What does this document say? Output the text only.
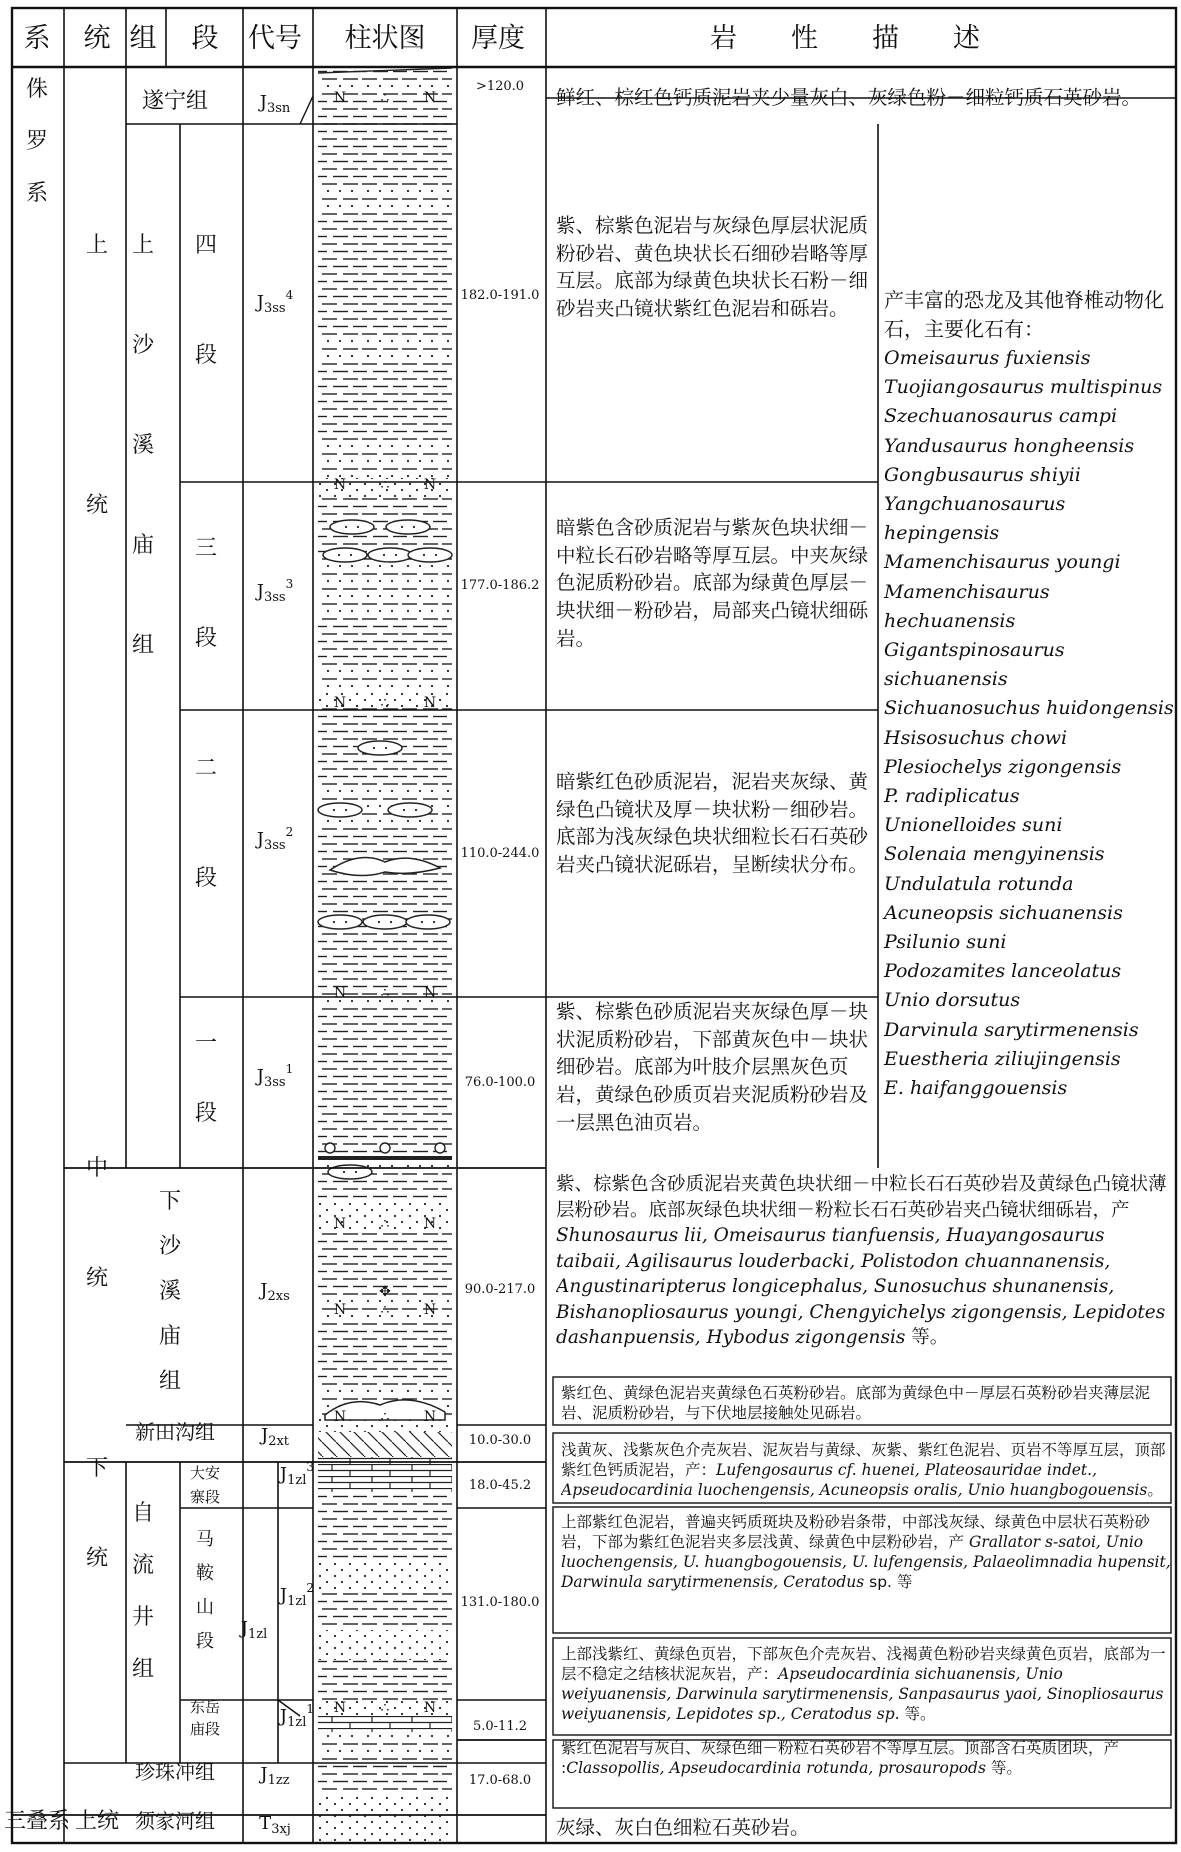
N ∴ N
N ∴ N
N ∴ N
N ∴ N
N ∴ N
N ∴ N
N ∴ N
N ∴ N
✥
系 统 组 段 代号 柱状图 厚度	岩　　性　　描　　述
侏罗系
三叠系
上统
中统
下统
上统
遂宁组
上沙溪庙组
下沙溪庙组
新田沟组
自流井组
珍珠冲组
须家河组
四段
三段
二段
一段
大安寨段
马鞍山段
东岳庙段
$J_{3sn}$
$J_{3ss}^4$
$J_{3ss}^3$
$J_{3ss}^2$
$J_{3ss}^1$
$J_{2xs}$
$J_{2xt}$
$J_{1zl}$
$J_{1zl}^3$
$J_{1zl}^2$
$J_{1zl}^1$
$J_{1zz}$
$T_{3xj}$
>120.0
182.0-191.0
177.0-186.2
110.0-244.0
76.0-100.0
90.0-217.0
10.0-30.0
18.0-45.2
131.0-180.0
5.0-11.2
17.0-68.0
鲜红、棕红色钙质泥岩夹少量灰白、灰绿色粉－细粒钙质石英砂岩。
紫、棕紫色泥岩与灰绿色厚层状泥质粉砂岩、黄色块状长石细砂岩略等厚互层。底部为绿黄色块状长石粉－细砂岩夹凸镜状紫红色泥岩和砾岩。
暗紫色含砂质泥岩与紫灰色块状细－中粒长石砂岩略等厚互层。中夹灰绿色泥质粉砂岩。底部为绿黄色厚层－块状细－粉砂岩，局部夹凸镜状细砾岩。
暗紫红色砂质泥岩，泥岩夹灰绿、黄绿色凸镜状及厚－块状粉－细砂岩。底部为浅灰绿色块状细粒长石石英砂岩夹凸镜状泥砾岩，呈断续状分布。
紫、棕紫色砂质泥岩夹灰绿色厚－块状泥质粉砂岩，下部黄灰色中－块状细砂岩。底部为叶肢介层黑灰色页岩，黄绿色砂质页岩夹泥质粉砂岩及一层黑色油页岩。
紫、棕紫色含砂质泥岩夹黄色块状细－中粒长石石英砂岩及黄绿色凸镜状薄层粉砂岩。底部灰绿色块状细－粉粒长石石英砂岩夹凸镜状细砾岩，产 Shunosaurus lii, Omeisaurus tianfuensis, Huayangosaurus taibaii, Agilisaurus louderbacki, Polistodon chuannanensis, Angustinaripterus longicephalus, Sunosuchus shunanensis, Bishanopliosaurus youngi, Chengyichelys zigongensis, Lepidotes dashanpuensis, Hybodus zigongensis 等。
紫红色、黄绿色泥岩夹黄绿色石英粉砂岩。底部为黄绿色中－厚层石英粉砂岩夹薄层泥岩、泥质粉砂岩，与下伏地层接触处见砾岩。
浅黄灰、浅紫灰色介壳灰岩、泥灰岩与黄绿、灰紫、紫红色泥岩、页岩不等厚互层，顶部紫红色钙质泥岩，产：Lufengosaurus cf. huenei, Plateosauridae indet., Apseudocardinia luochengensis, Acuneopsis oralis, Unio huangbogouensis。
上部紫红色泥岩，普遍夹钙质斑块及粉砂岩条带，中部浅灰绿、绿黄色中层状石英粉砂岩，下部为紫红色泥岩夹多层浅黄、绿黄色中层粉砂岩，产 Grallator s-satoi, Unio luochengensis, U. huangbogouensis, U. lufengensis, Palaeolimnadia hupensit, Darwinula sarytirmenensis, Ceratodus sp. 等
上部浅紫红、黄绿色页岩，下部灰色介壳灰岩、浅褐黄色粉砂岩夹绿黄色页岩，底部为一层不稳定之结核状泥灰岩，产：Apseudocardinia sichuanensis, Unio weiyuanensis, Darwinula sarytirmenensis, Sanpasaurus yaoi, Sinopliosaurus weiyuanensis, Lepidotes sp., Ceratodus sp. 等。
紫红色泥岩与灰白、灰绿色细－粉粒石英砂岩不等厚互层。顶部含石英质团块，产 :Classopollis, Apseudocardinia rotunda, prosauropods 等。
灰绿、灰白色细粒石英砂岩。
产丰富的恐龙及其他脊椎动物化石，主要化石有：
Omeisaurus fuxiensis
Tuojiangosaurus multispinus
Szechuanosaurus campi
Yandusaurus hongheensis
Gongbusaurus shiyii
Yangchuanosaurus hepingensis
Mamenchisaurus youngi
Mamenchisaurus hechuanensis
Gigantspinosaurus sichuanensis
Sichuanosuchus huidongensis
Hsisosuchus chowi
Plesiochelys zigongensis
P. radiplicatus
Unionelloides suni
Solenaia mengyinensis
Undulatula rotunda
Acuneopsis sichuanensis
Psilunio suni
Podozamites lanceolatus
Unio dorsutus
Darvinula sarytirmenensis
Euestheria ziliujingensis
E. haifanggouensis
